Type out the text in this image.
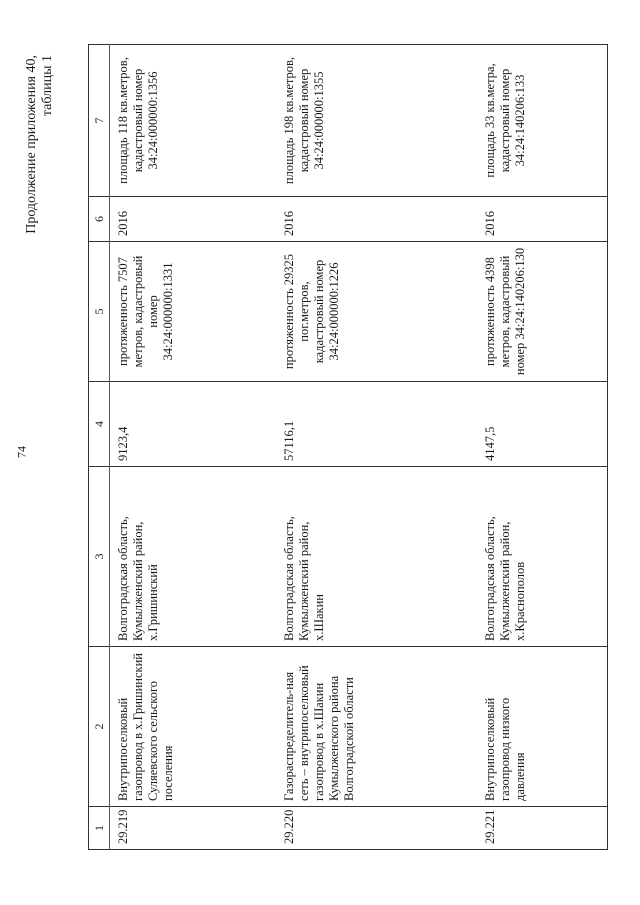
74
Продолжение приложения 40, таблицы 1
1	2	3	4	5	6	7
29.219	Внутрипоселковый газопровод в х.Гришинский Суляевского сельского поселения	Волгоградская область, Кумылженский район, х.Гришинский	9123,4	протяженность 7507 метров, кадастровый номер 34:24:000000:1331	2016	площадь 118 кв.метров, кадастровый номер 34:24:000000:1356
29.220	Газораспределитель-ная сеть – внутрипоселковый газопровод в х.Шакин Кумылженского района Волгоградской области	Волгоградская область, Кумылженский район, х.Шакин	57116,1	протяженность 29325 пог.метров, кадастровый номер 34:24:000000:1226	2016	площадь 198 кв.метров, кадастровый номер 34:24:000000:1355
29.221	Внутрипоселковый газопровод низкого давления	Волгоградская область, Кумылженский район, х.Краснополов	4147,5	протяженность 4398 метров, кадастровый номер 34:24:140206:130	2016	площадь 33 кв.метра, кадастровый номер 34:24:140206:133
